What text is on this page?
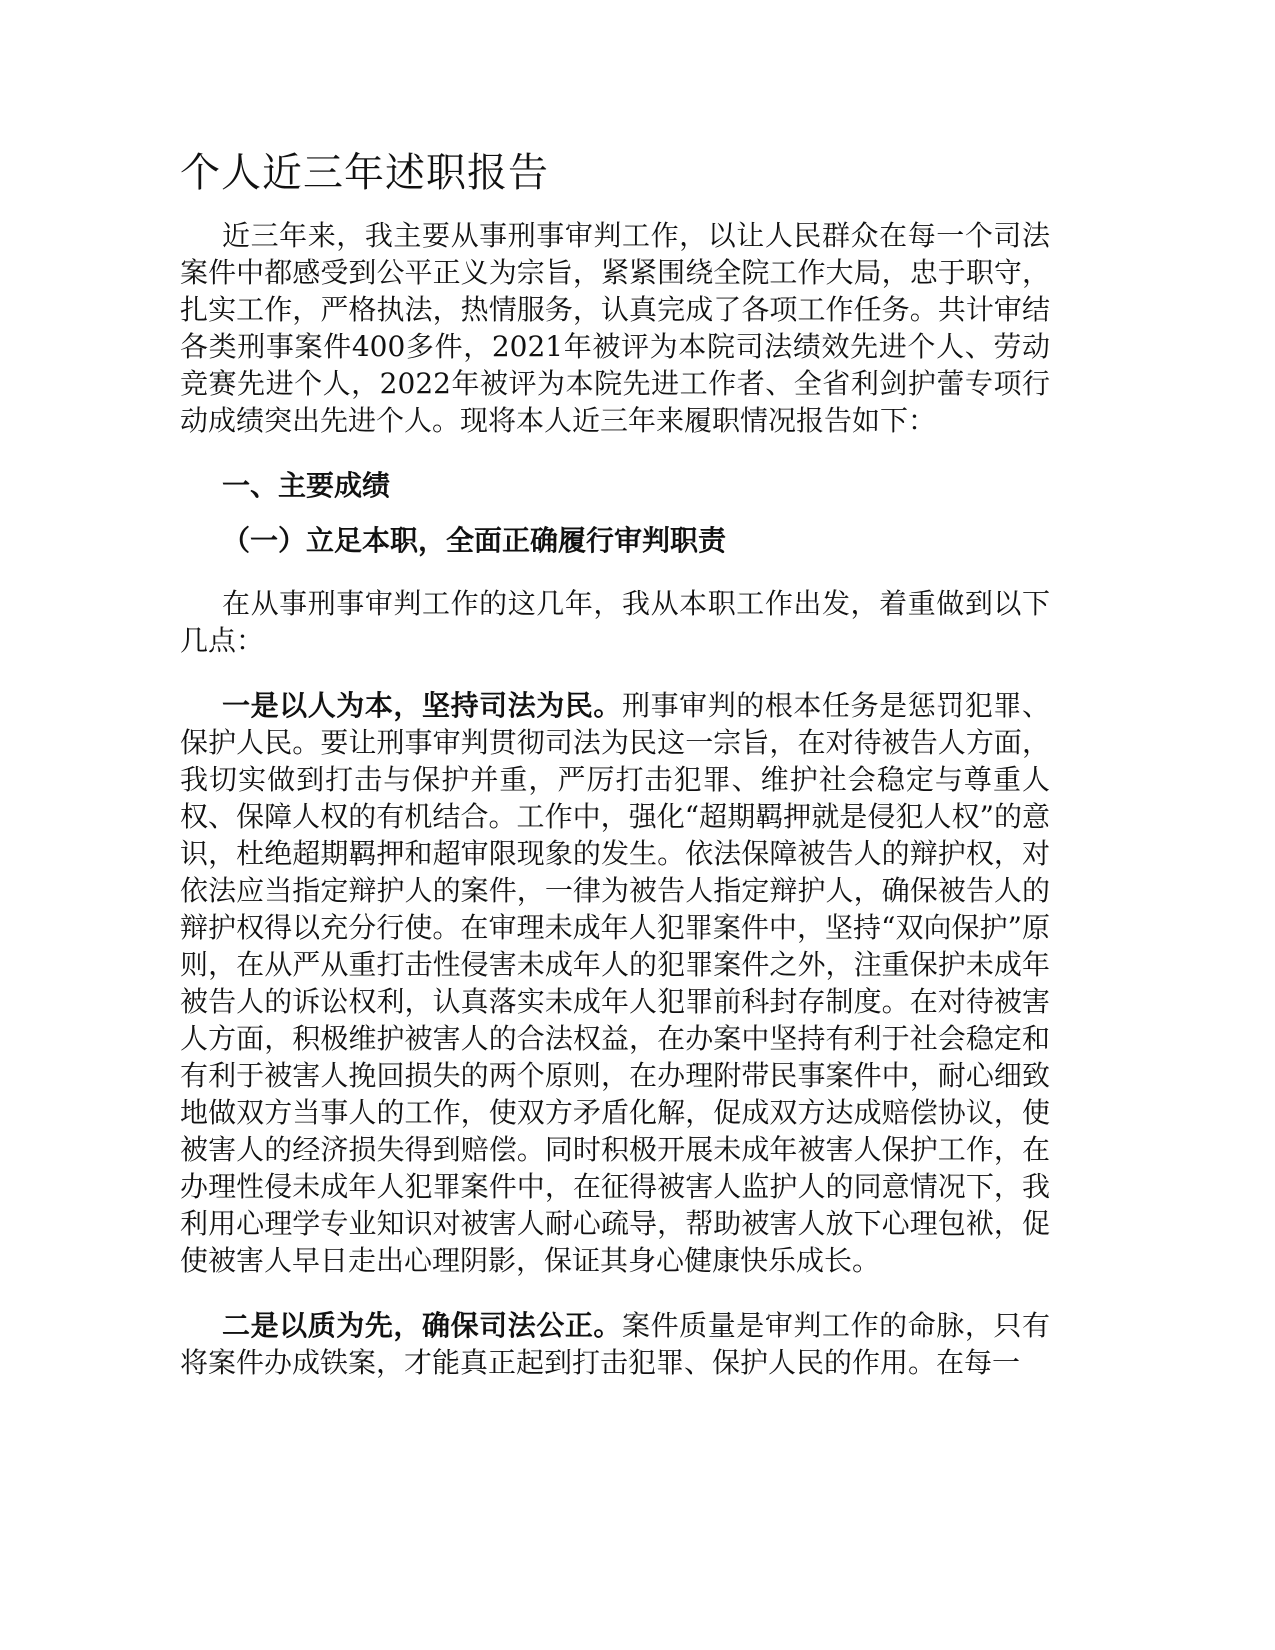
个人近三年述职报告

近三年来，我主要从事刑事审判工作，以让人民群众在每一个司法案件中都感受到公平正义为宗旨，紧紧围绕全院工作大局，忠于职守，扎实工作，严格执法，热情服务，认真完成了各项工作任务。共计审结各类刑事案件400多件，2021年被评为本院司法绩效先进个人、劳动竞赛先进个人，2022年被评为本院先进工作者、全省利剑护蕾专项行动成绩突出先进个人。现将本人近三年来履职情况报告如下：

一、主要成绩

（一）立足本职，全面正确履行审判职责

在从事刑事审判工作的这几年，我从本职工作出发，着重做到以下几点：

一是以人为本，坚持司法为民。刑事审判的根本任务是惩罚犯罪、保护人民。要让刑事审判贯彻司法为民这一宗旨，在对待被告人方面，我切实做到打击与保护并重，严厉打击犯罪、维护社会稳定与尊重人权、保障人权的有机结合。工作中，强化“超期羁押就是侵犯人权”的意识，杜绝超期羁押和超审限现象的发生。依法保障被告人的辩护权，对依法应当指定辩护人的案件，一律为被告人指定辩护人，确保被告人的辩护权得以充分行使。在审理未成年人犯罪案件中，坚持“双向保护”原则，在从严从重打击性侵害未成年人的犯罪案件之外，注重保护未成年被告人的诉讼权利，认真落实未成年人犯罪前科封存制度。在对待被害人方面，积极维护被害人的合法权益，在办案中坚持有利于社会稳定和有利于被害人挽回损失的两个原则，在办理附带民事案件中，耐心细致地做双方当事人的工作，使双方矛盾化解，促成双方达成赔偿协议，使被害人的经济损失得到赔偿。同时积极开展未成年被害人保护工作，在办理性侵未成年人犯罪案件中，在征得被害人监护人的同意情况下，我利用心理学专业知识对被害人耐心疏导，帮助被害人放下心理包袱，促使被害人早日走出心理阴影，保证其身心健康快乐成长。

二是以质为先，确保司法公正。案件质量是审判工作的命脉，只有将案件办成铁案，才能真正起到打击犯罪、保护人民的作用。在每一
